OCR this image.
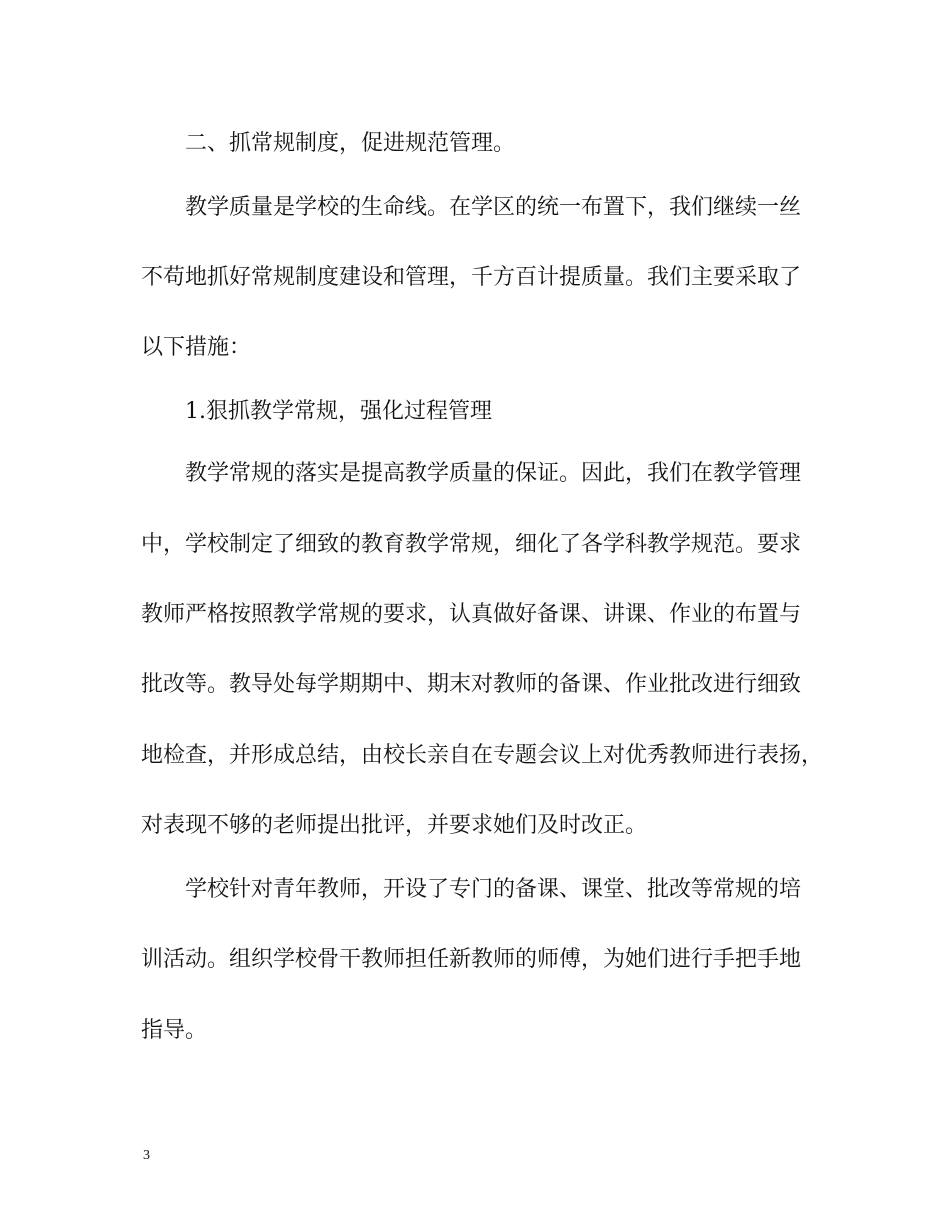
二、抓常规制度，促进规范管理。
教学质量是学校的生命线。在学区的统一布置下，我们继续一丝
不苟地抓好常规制度建设和管理，千方百计提质量。我们主要采取了
以下措施：
1.狠抓教学常规，强化过程管理
教学常规的落实是提高教学质量的保证。因此，我们在教学管理
中，学校制定了细致的教育教学常规，细化了各学科教学规范。要求
教师严格按照教学常规的要求，认真做好备课、讲课、作业的布置与
批改等。教导处每学期期中、期末对教师的备课、作业批改进行细致
地检查，并形成总结，由校长亲自在专题会议上对优秀教师进行表扬，
对表现不够的老师提出批评，并要求她们及时改正。
学校针对青年教师，开设了专门的备课、课堂、批改等常规的培
训活动。组织学校骨干教师担任新教师的师傅，为她们进行手把手地
指导。
3
